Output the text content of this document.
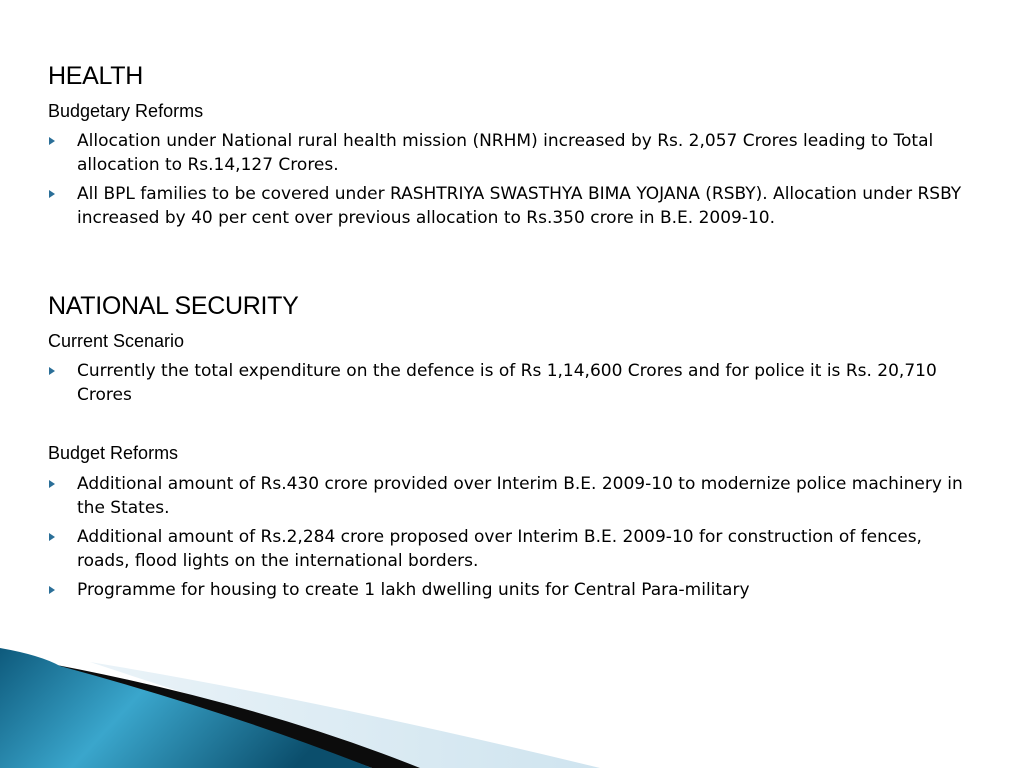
HEALTH
Budgetary Reforms
Allocation under National rural health mission (NRHM) increased by Rs. 2,057 Crores leading to Total allocation to Rs.14,127 Crores.
All BPL families to be covered under RASHTRIYA SWASTHYA BIMA YOJANA (RSBY). Allocation under RSBY increased by 40 per cent over previous allocation to Rs.350 crore in B.E. 2009-10.
NATIONAL SECURITY
Current Scenario
Currently the total expenditure on the defence is of Rs 1,14,600 Crores and for police it is Rs. 20,710 Crores
Budget Reforms
Additional amount of Rs.430 crore provided over Interim B.E. 2009-10 to modernize police machinery in the States.
Additional amount of Rs.2,284 crore proposed over Interim B.E. 2009-10 for construction of fences, roads, flood lights on the international borders.
Programme for housing to create 1 lakh dwelling units for Central Para-military
